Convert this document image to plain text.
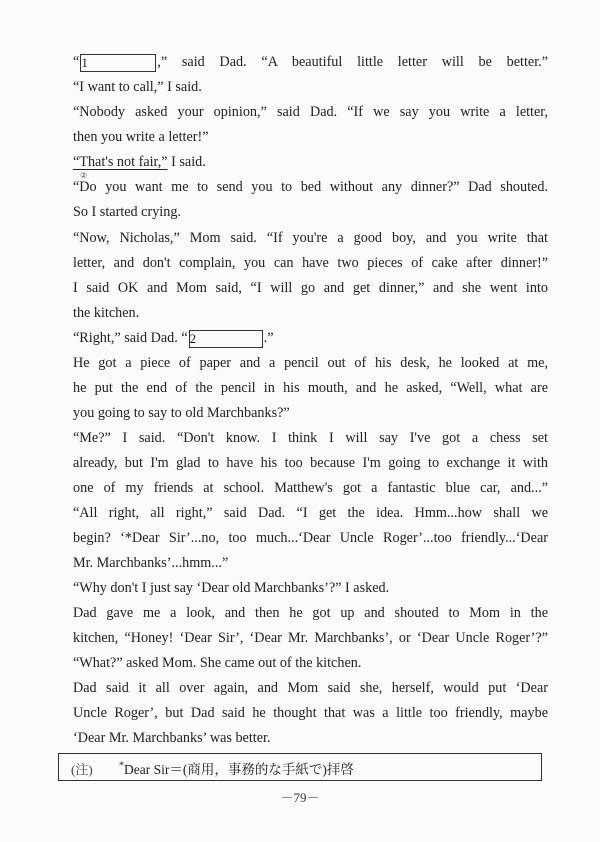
“ 1	,” said Dad. “A beautiful little letter will be better.”
“I want to call,” I said.
“Nobody asked your opinion,” said Dad. “If we say you write a letter,
then you write a letter!”
“That's not fair,” I said.
②
“Do you want me to send you to bed without any dinner?” Dad shouted.
So I started crying.
“Now, Nicholas,” Mom said. “If you're a good boy, and you write that
letter, and don't complain, you can have two pieces of cake after dinner!”
I said OK and Mom said, “I will go and get dinner,” and she went into
the kitchen.
“Right,” said Dad. “ 2	.”
He got a piece of paper and a pencil out of his desk, he looked at me,
he put the end of the pencil in his mouth, and he asked, “Well, what are
you going to say to old Marchbanks?”
“Me?” I said. “Don't know. I think I will say I've got a chess set
already, but I'm glad to have his too because I'm going to exchange it with
one of my friends at school. Matthew's got a fantastic blue car, and...”
“All right, all right,” said Dad. “I get the idea. Hmm...how shall we
begin? ‘*Dear Sir’...no, too much...‘Dear Uncle Roger’...too friendly...‘Dear
Mr. Marchbanks’...hmm...”
“Why don't I just say ‘Dear old Marchbanks’?” I asked.
Dad gave me a look, and then he got up and shouted to Mom in the
kitchen, “Honey! ‘Dear Sir’, ‘Dear Mr. Marchbanks’, or ‘Dear Uncle Roger’?”
“What?” asked Mom. She came out of the kitchen.
Dad said it all over again, and Mom said she, herself, would put ‘Dear
Uncle Roger’, but Dad said he thought that was a little too friendly, maybe
‘Dear Mr. Marchbanks’ was better.
(注)	*Dear Sir＝(商用，事務的な手紙で)拝啓
－79－
